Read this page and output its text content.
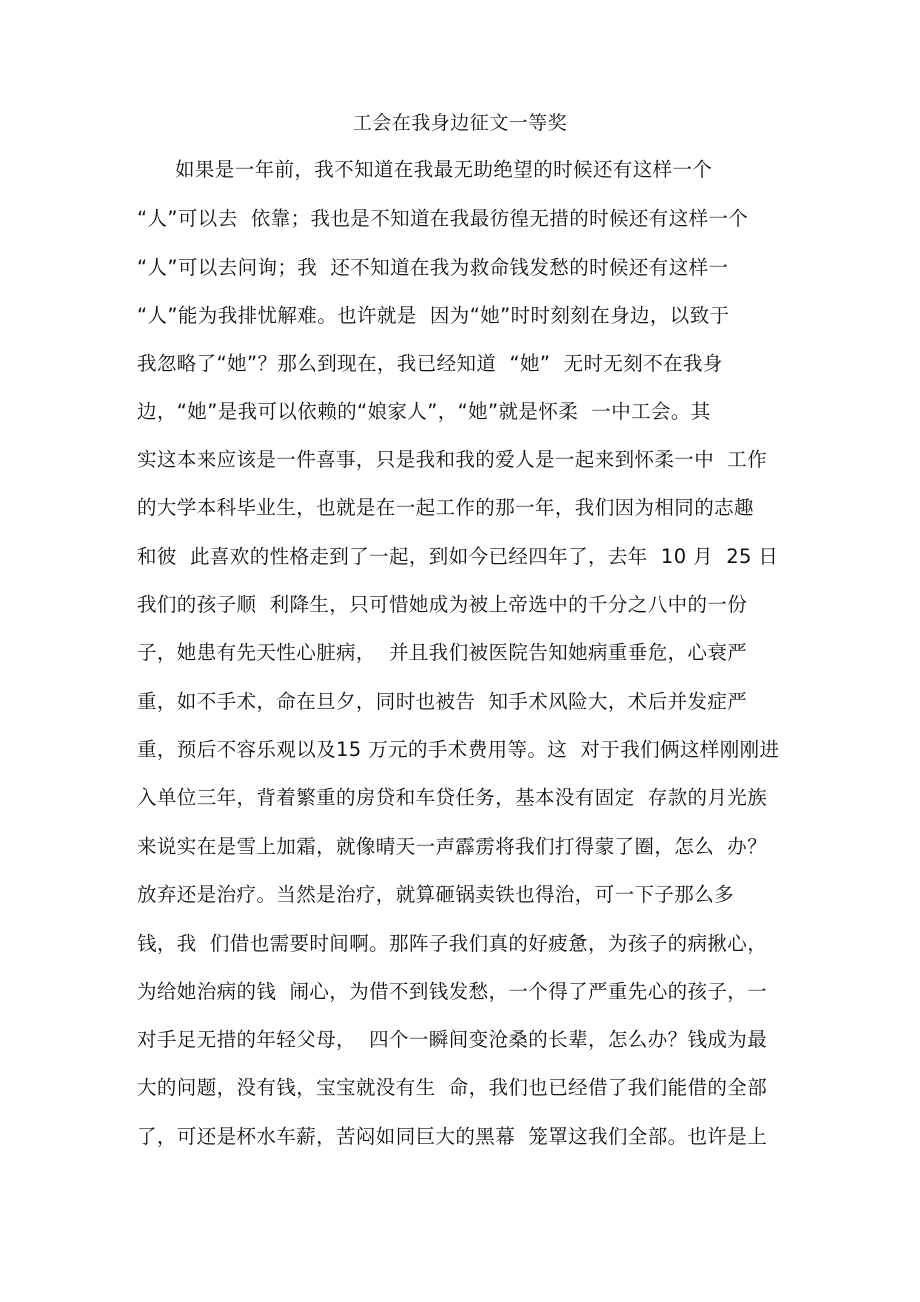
工会在我身边征文一等奖
如果是一年前，我不知道在我最无助绝望的时候还有这样一个
“人”可以去  依靠；我也是不知道在我最彷徨无措的时候还有这样一个
“人”可以去问询；我  还不知道在我为救命钱发愁的时候还有这样一
“人”能为我排忧解难。也许就是  因为“她”时时刻刻在身边，以致于
我忽略了“她”？那么到现在，我已经知道  “她”  无时无刻不在我身
边，“她”是我可以依赖的“娘家人”，“她”就是怀柔  一中工会。其
实这本来应该是一件喜事，只是我和我的爱人是一起来到怀柔一中  工作
的大学本科毕业生，也就是在一起工作的那一年，我们因为相同的志趣
和彼  此喜欢的性格走到了一起，到如今已经四年了，去年  10 月  25 日
我们的孩子顺  利降生，只可惜她成为被上帝选中的千分之八中的一份
子，她患有先天性心脏病，  并且我们被医院告知她病重垂危，心衰严
重，如不手术，命在旦夕，同时也被告  知手术风险大，术后并发症严
重，预后不容乐观以及15 万元的手术费用等。这  对于我们俩这样刚刚进
入单位三年，背着繁重的房贷和车贷任务，基本没有固定  存款的月光族
来说实在是雪上加霜，就像晴天一声霹雳将我们打得蒙了圈，怎么  办？
放弃还是治疗。当然是治疗，就算砸锅卖铁也得治，可一下子那么多
钱，我  们借也需要时间啊。那阵子我们真的好疲惫，为孩子的病揪心，
为给她治病的钱  闹心，为借不到钱发愁，一个得了严重先心的孩子，一
对手足无措的年轻父母，  四个一瞬间变沧桑的长辈，怎么办？钱成为最
大的问题，没有钱，宝宝就没有生  命，我们也已经借了我们能借的全部
了，可还是杯水车薪，苦闷如同巨大的黑幕  笼罩这我们全部。也许是上
